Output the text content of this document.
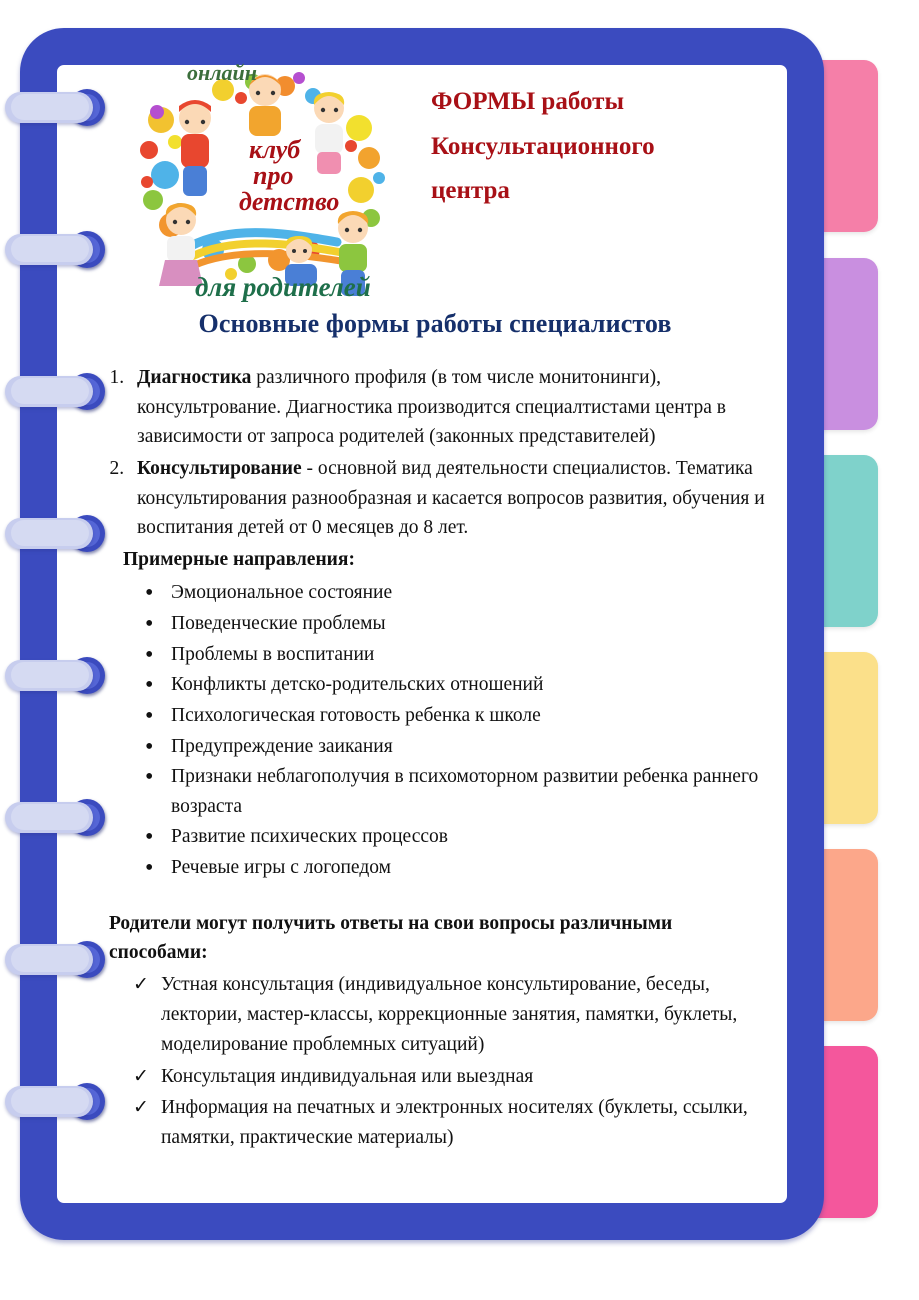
онлайн
клуб
про
детство
для родителей
ФОРМЫ работы
Консультационного
центра
Основные формы работы специалистов
1. Диагностика различного профиля (в том числе монитонинги), консультрование. Диагностика производится специалтистами центра в зависимости от запроса родителей (законных представителей)
2. Консультирование - основной вид деятельности специалистов. Тематика консультирования разнообразная и касается вопросов развития, обучения и воспитания детей от 0 месяцев до 8 лет.
Примерные направления:
• Эмоциональное состояние
• Поведенческие проблемы
• Проблемы в воспитании
• Конфликты детско-родительских отношений
• Психологическая готовость ребенка к школе
• Предупреждение заикания
• Признаки неблагополучия в психомоторном развитии ребенка раннего возраста
• Развитие психических процессов
• Речевые игры с логопедом
Родители могут получить ответы на свои вопросы различными способами:
✓ Устная консультация (индивидуальное консультирование, беседы, лектории, мастер-классы, коррекционные занятия, памятки, буклеты, моделирование проблемных ситуаций)
✓ Консультация индивидуальная или выездная
✓ Информация на печатных и электронных носителях (буклеты, ссылки, памятки, практические материалы)
